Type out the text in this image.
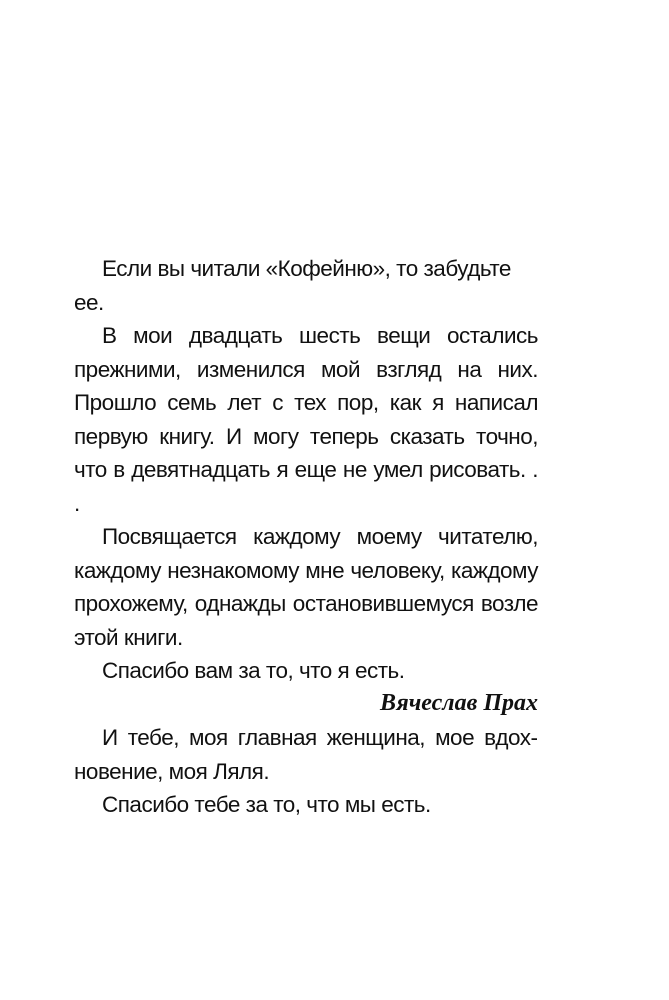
Если вы читали «Кофейню», то забудьте ее.

В мои двадцать шесть вещи остались прежними, изменился мой взгляд на них. Прошло семь лет с тех пор, как я написал первую книгу. И могу теперь сказать точно, что в девятнадцать я еще не умел рисовать. . .

Посвящается каждому моему читателю, каждому незнакомому мне человеку, каждому прохожему, однажды остановившемуся возле этой книги.

Спасибо вам за то, что я есть.

И тебе, моя главная женщина, мое вдохновение, моя Ляля.

Спасибо тебе за то, что мы есть.

Вячеслав Прах
